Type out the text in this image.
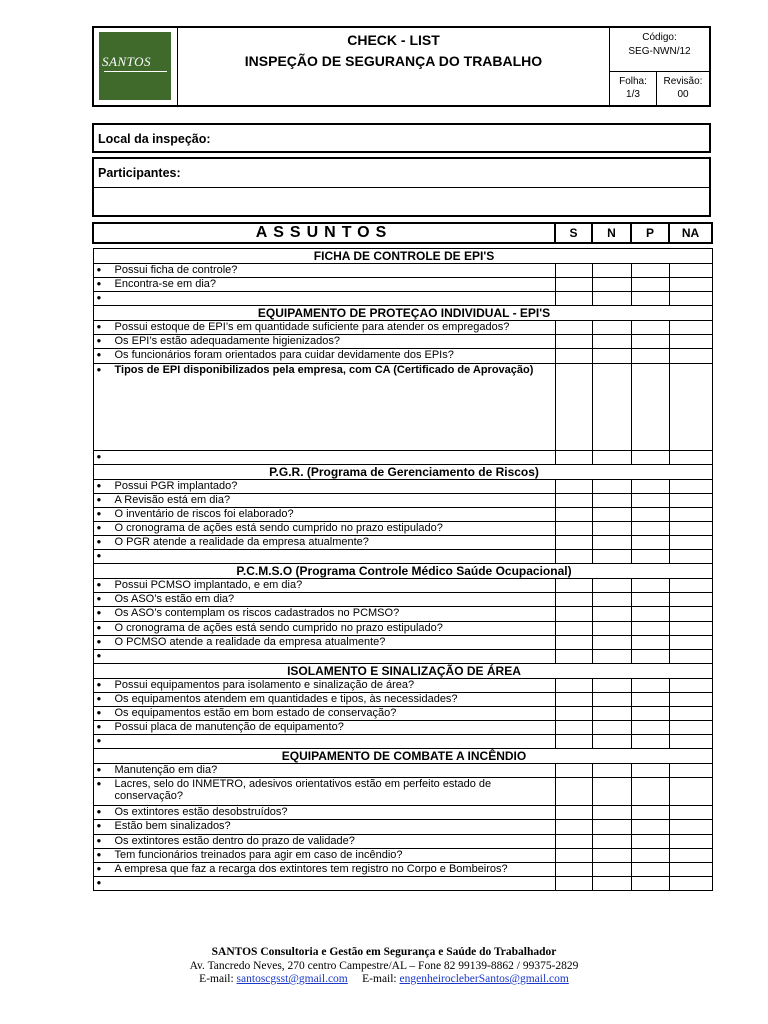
SANTOS
CHECK - LIST
INSPEÇÃO DE SEGURANÇA DO TRABALHO
Código:
SEG-NWN/12
Folha:
1/3
Revisão:
00
Local da inspeção:
Participantes:
ASSUNTOS	S	N	P	NA

FICHA DE CONTROLE DE EPI'S				
● Possui ficha de controle?				
● Encontra-se em dia?				
●				
EQUIPAMENTO DE PROTEÇAO INDIVIDUAL - EPI'S				
● Possui estoque de EPI’s em quantidade suficiente para atender os empregados?				
● Os EPI’s estão adequadamente higienizados?				
● Os funcionários foram orientados para cuidar devidamente dos EPIs?				
● Tipos de EPI disponibilizados pela empresa, com CA (Certificado de Aprovação)				
●				
P.G.R. (Programa de Gerenciamento de Riscos)				
● Possui PGR implantado?				
● A Revisão está em dia?				
● O inventário de riscos foi elaborado?				
● O cronograma de ações está sendo cumprido no prazo estipulado?				
● O PGR atende a realidade da empresa atualmente?				
●				
P.C.M.S.O (Programa Controle Médico Saúde Ocupacional)				
● Possui PCMSO implantado, e em dia?				
● Os ASO’s estão em dia?				
● Os ASO’s contemplam os riscos cadastrados no PCMSO?				
● O cronograma de ações está sendo cumprido no prazo estipulado?				
● O PCMSO atende a realidade da empresa atualmente?				
●				
ISOLAMENTO E SINALIZAÇÃO DE ÁREA				
● Possui equipamentos para isolamento e sinalização de área?				
● Os equipamentos atendem em quantidades e tipos, às necessidades?				
● Os equipamentos estão em bom estado de conservação?				
● Possui placa de manutenção de equipamento?				
●				
EQUIPAMENTO DE COMBATE A INCÊNDIO				
● Manutenção em dia?				
● Lacres, selo do INMETRO, adesivos orientativos estão em perfeito estado de conservação?				
● Os extintores estão desobstruídos?				
● Estão bem sinalizados?				
● Os extintores estão dentro do prazo de validade?				
● Tem funcionários treinados para agir em caso de incêndio?				
● A empresa que faz a recarga dos extintores tem registro no Corpo e Bombeiros?				
●				
SANTOS Consultoria e Gestão em Segurança e Saúde do Trabalhador
Av. Tancredo Neves, 270 centro Campestre/AL – Fone 82 99139-8862 / 99375-2829
E-mail: santoscgsst@gmail.com E-mail: engenheirocleberSantos@gmail.com
